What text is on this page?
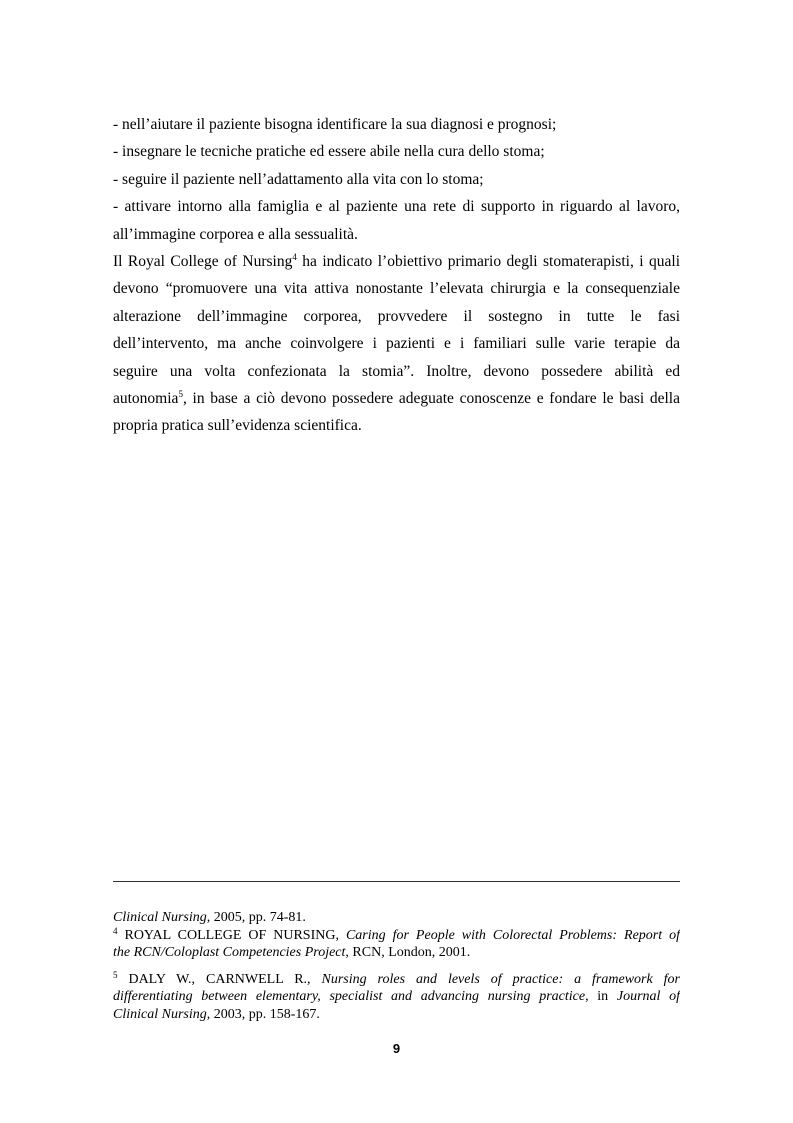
- nell’aiutare il paziente bisogna identificare la sua diagnosi e prognosi;
- insegnare le tecniche pratiche ed essere abile nella cura dello stoma;
- seguire il paziente nell’adattamento alla vita con lo stoma;
- attivare intorno alla famiglia e al paziente una rete di supporto in riguardo al lavoro,
all’immagine corporea e alla sessualità.
Il Royal College of Nursing$^4$ ha indicato l’obiettivo primario degli stomaterapisti, i quali
devono “promuovere una vita attiva nonostante l’elevata chirurgia e la consequenziale
alterazione dell’immagine corporea, provvedere il sostegno in tutte le fasi
dell’intervento, ma anche coinvolgere i pazienti e i familiari sulle varie terapie da
seguire una volta confezionata la stomia”. Inoltre, devono possedere abilità ed
autonomia$^5$, in base a ciò devono possedere adeguate conoscenze e fondare le basi della
propria pratica sull’evidenza scientifica.
Clinical Nursing, 2005, pp. 74-81.
$^4$ ROYAL COLLEGE OF NURSING, Caring for People with Colorectal Problems: Report of
the RCN/Coloplast Competencies Project, RCN, London, 2001.
$^5$ DALY W., CARNWELL R., Nursing roles and levels of practice: a framework for
differentiating between elementary, specialist and advancing nursing practice, in Journal of
Clinical Nursing, 2003, pp. 158-167.
9
